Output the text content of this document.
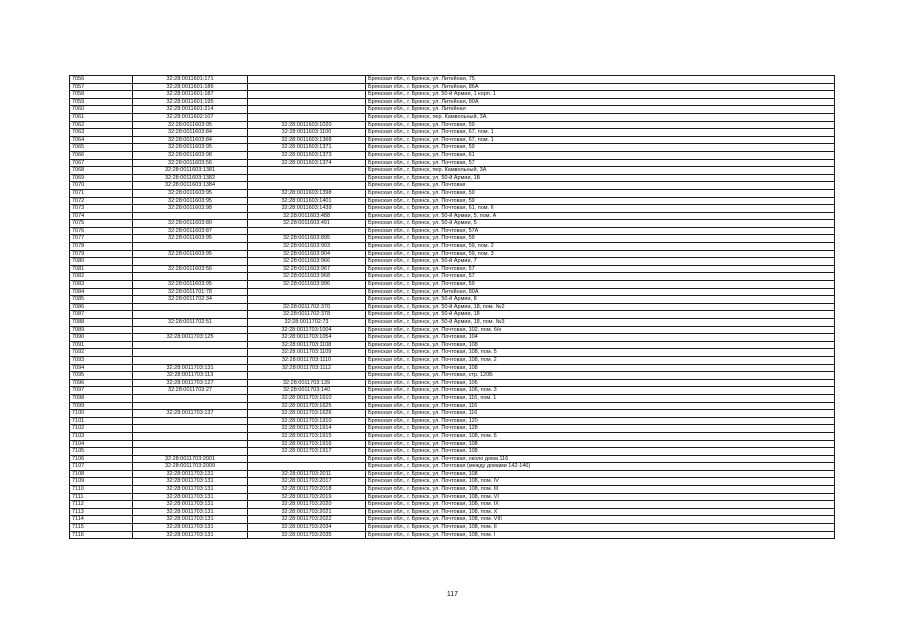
7056	32:28:0011601:171		Брянская обл., г. Брянск, ул. Литейная, 75
7057	32:28:0011601:186		Брянская обл., г. Брянск, ул. Литейная, 86А
7058	32:28:0011601:187		Брянская обл., г. Брянск, ул. 50-й Армии, 1 корп. 1
7059	32:28:0011601:195		Брянская обл., г. Брянск, ул. Литейная, 80А
7060	32:28:0011601:214		Брянская обл., г. Брянск, ул. Литейная
7061	32:28:0011602:107		Брянская обл., г. Брянск, пер. Камвольный, 3А
7062	32:28:0011603:95	32:28:0011603:1020	Брянская обл., г. Брянск, ул. Почтовая, 59
7063	32:28:0011603:84	32:28:0011603:1100	Брянская обл., г. Брянск, ул. Почтовая, 67, пом. 1
7064	32:28:0011603:84	32:28:0011603:1368	Брянская обл., г. Брянск, ул. Почтовая, 67, пом. 1
7065	32:28:0011603:95	32:28:0011603:1371	Брянская обл., г. Брянск, ул. Почтовая, 59
7066	32:28:0011603:98	32:28:0011603:1373	Брянская обл., г. Брянск, ул. Почтовая, 61
7067	32:28:0011603:56	32:28:0011603:1374	Брянская обл., г. Брянск, ул. Почтовая, 57
7068	32:28:0011603:1381		Брянская обл., г. Брянск, пер. Камвольный, 3А
7069	32:28:0011603:1382		Брянская обл., г. Брянск, ул. 50-й Армии, 1Б
7070	32:28:0011603:1384		Брянская обл., г. Брянск, ул. Почтовая
7071	32:28:0011603:95	32:28:0011603:1398	Брянская обл., г. Брянск, ул. Почтовая, 59
7072	32:28:0011603:95	32:28:0011603:1401	Брянская обл., г. Брянск, ул. Почтовая, 59
7073	32:28:0011603:98	32:28:0011603:1439	Брянская обл., г. Брянск, ул. Почтовая, 61, пом. II
7074		32:28:0011603:488	Брянская обл., г. Брянск, ул. 50-й Армии, 5, пом. А
7075	32:28:0011603:80	32:28:0011603:491	Брянская обл., г. Брянск, ул. 50-й Армии, 5
7076	32:28:0011603:87		Брянская обл., г. Брянск, ул. Почтовая, 57А
7077	32:28:0011603:95	32:28:0011603:895	Брянская обл., г. Брянск, ул. Почтовая, 59
7078		32:28:0011603:903	Брянская обл., г. Брянск, ул. Почтовая, 59, пом. 2
7079	32:28:0011603:95	32:28:0011603:904	Брянская обл., г. Брянск, ул. Почтовая, 59, пом. 3
7080		32:28:0011603:966	Брянская обл., г. Брянск, ул. 50-й Армии, 7
7081	32:28:0011603:56	32:28:0011603:967	Брянская обл., г. Брянск, ул. Почтовая, 57
7082		32:28:0011603:968	Брянская обл., г. Брянск, ул. Почтовая, 57
7083	32:28:0011603:95	32:28:0011603:996	Брянская обл., г. Брянск, ул. Почтовая, 59
7084	32:28:0011701:78		Брянская обл., г. Брянск, ул. Литейная, 80А
7085	32:28:0011702:34		Брянская обл., г. Брянск, ул. 50-й Армии, 8
7086		32:28:0011702:370	Брянская обл., г. Брянск, ул. 50-й Армии, 18, пом. №2
7087		32:28:0011702:378	Брянская обл., г. Брянск, ул. 50-й Армии, 18
7088	32:28:0011702:51	32:28:0011702:73	Брянская обл., г. Брянск, ул. 50-й Армии, 18, пом. №3
7089		32:28:0011703:1004	Брянская обл., г. Брянск, ул. Почтовая, 102, пом. б/н
7090	32:28:0011703:125	32:28:0011703:1054	Брянская обл., г. Брянск, ул. Почтовая, 104
7091		32:28:0011703:1108	Брянская обл., г. Брянск, ул. Почтовая, 108
7092		32:28:0011703:1109	Брянская обл., г. Брянск, ул. Почтовая, 108, пом. 5
7093		32:28:0011703:1110	Брянская обл., г. Брянск, ул. Почтовая, 108, пом. 2
7094	32:28:0011703:131	32:28:0011703:1112	Брянская обл., г. Брянск, ул. Почтовая, 108
7095	32:28:0011703:113		Брянская обл., г. Брянск, ул. Почтовая, стр. 120Б
7096	32:28:0011703:127	32:28:0011703:139	Брянская обл., г. Брянск, ул. Почтовая, 106
7097	32:28:0011703:27	32:28:0011703:140	Брянская обл., г. Брянск, ул. Почтовая, 106, пом. 3
7098		32:28:0011703:1610	Брянская обл., г. Брянск, ул. Почтовая, 116, пом. 1
7099		32:28:0011703:1625	Брянская обл., г. Брянск, ул. Почтовая, 116
7100	32:28:0011703:137	32:28:0011703:1626	Брянская обл., г. Брянск, ул. Почтовая, 116
7101		32:28:0011703:1910	Брянская обл., г. Брянск, ул. Почтовая, 120
7102		32:28:0011703:1914	Брянская обл., г. Брянск, ул. Почтовая, 128
7103		32:28:0011703:1915	Брянская обл., г. Брянск, ул. Почтовая, 108, пом. 6
7104		32:28:0011703:1916	Брянская обл., г. Брянск, ул. Почтовая, 108
7105		32:28:0011703:1917	Брянская обл., г. Брянск, ул. Почтовая, 108
7106	32:28:0011703:2001		Брянская обл., г. Брянск, ул. Почтовая, около дома 116
7107	32:28:0011703:2009		Брянская обл., г. Брянск, ул. Почтовая (между домами 142-146)
7108	32:28:0011703:131	32:28:0011703:2011	Брянская обл., г. Брянск, ул. Почтовая, 108
7109	32:28:0011703:131	32:28:0011703:2017	Брянская обл., г. Брянск, ул. Почтовая, 108, пом. IV
7110	32:28:0011703:131	32:28:0011703:2018	Брянская обл., г. Брянск, ул. Почтовая, 108, пом. III
7111	32:28:0011703:131	32:28:0011703:2019	Брянская обл., г. Брянск, ул. Почтовая, 108, пом. VI
7112	32:28:0011703:131	32:28:0011703:2020	Брянская обл., г. Брянск, ул. Почтовая, 108, пом. IX
7113	32:28:0011703:131	32:28:0011703:2021	Брянская обл., г. Брянск, ул. Почтовая, 108, пом. X
7114	32:28:0011703:131	32:28:0011703:2022	Брянская обл., г. Брянск, ул. Почтовая, 108, пом. VIII
7115	32:28:0011703:131	32:28:0011703:2034	Брянская обл., г. Брянск, ул. Почтовая, 108, пом. II
7116	32:28:0011703:131	32:28:0011703:2035	Брянская обл., г. Брянск, ул. Почтовая, 108, пом. I
117
